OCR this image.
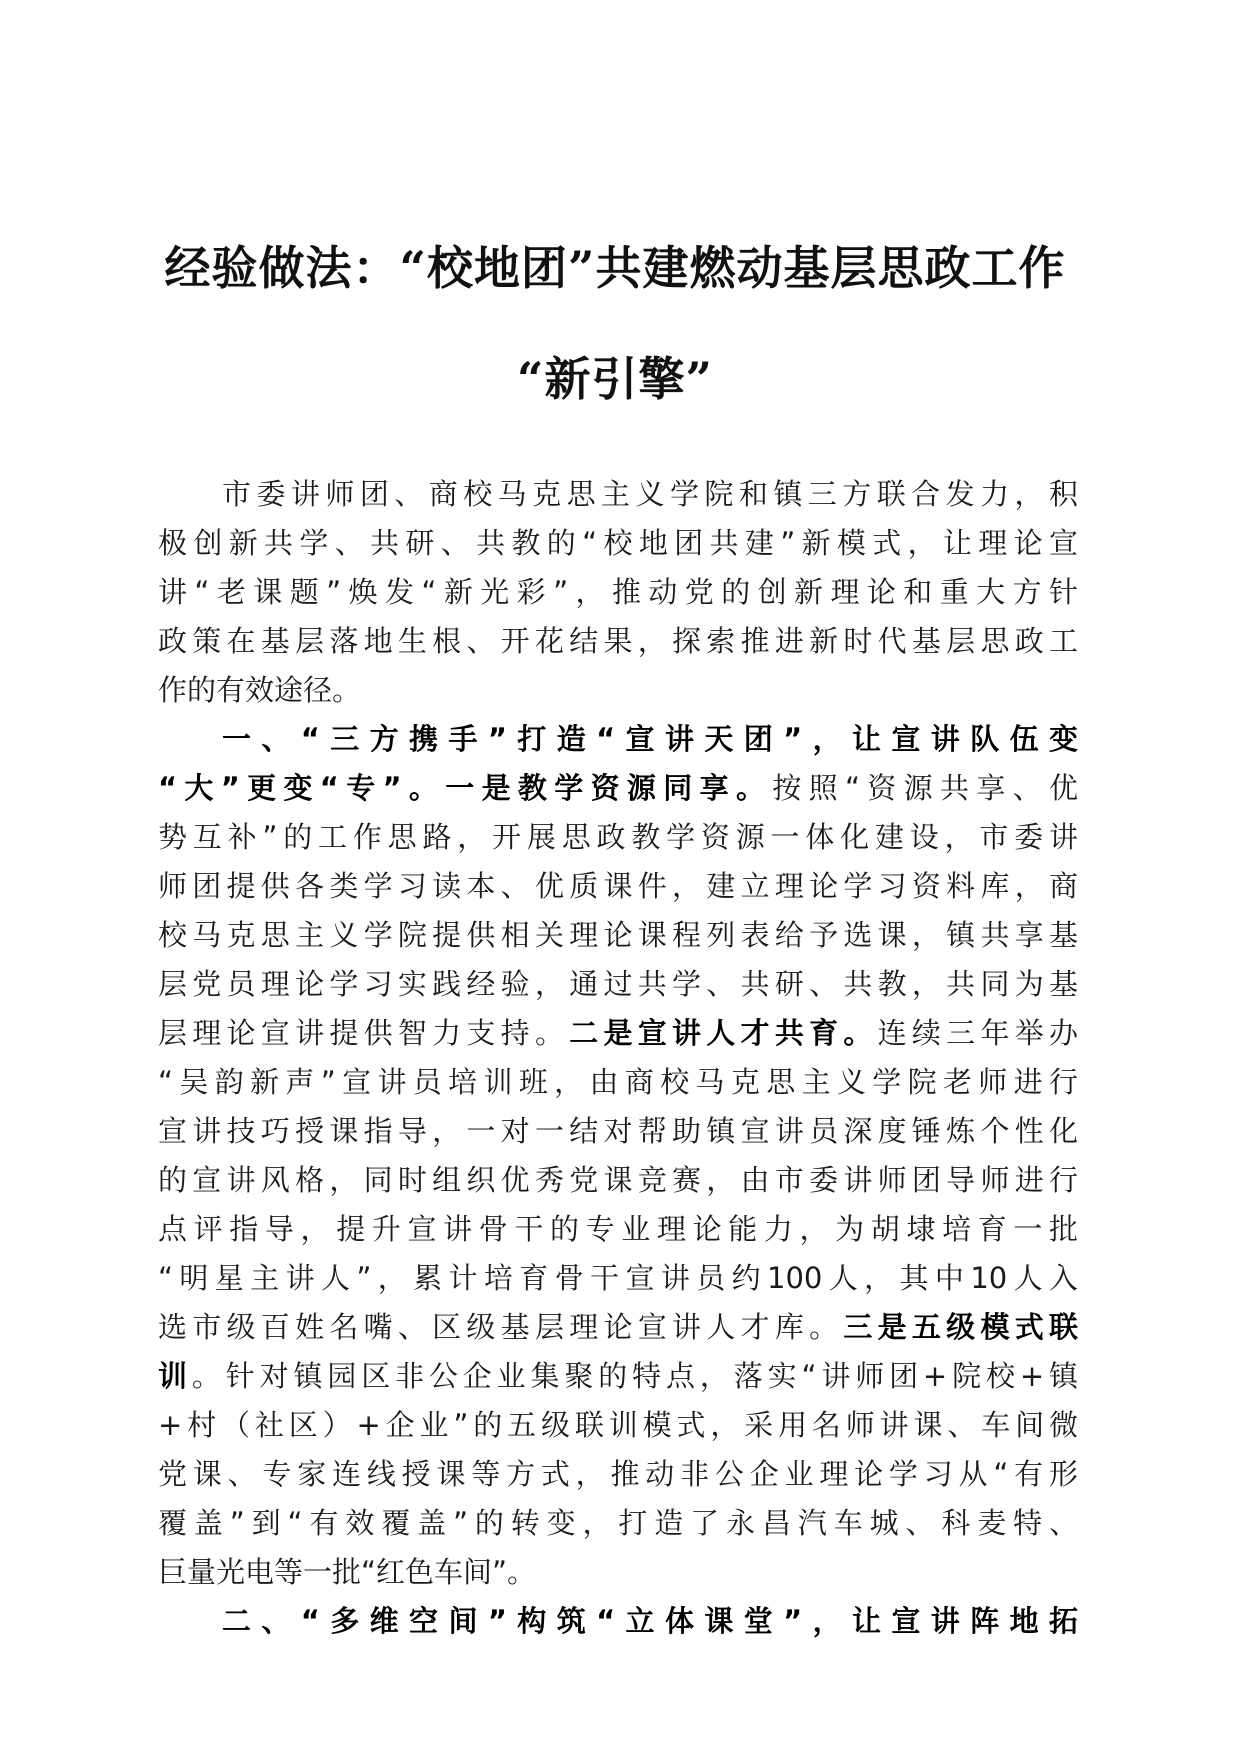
经验做法：“校地团”共建燃动基层思政工作
“新引擎”
市委讲师团、商校马克思主义学院和镇三方联合发力，积
极创新共学、共研、共教的“校地团共建”新模式，让理论宣
讲“老课题”焕发“新光彩”，推动党的创新理论和重大方针
政策在基层落地生根、开花结果，探索推进新时代基层思政工
作的有效途径。
一、“三方携手”打造“宣讲天团”，让宣讲队伍变
“大”更变“专”。一是教学资源同享。按照“资源共享、优
势互补”的工作思路，开展思政教学资源一体化建设，市委讲
师团提供各类学习读本、优质课件，建立理论学习资料库，商
校马克思主义学院提供相关理论课程列表给予选课，镇共享基
层党员理论学习实践经验，通过共学、共研、共教，共同为基
层理论宣讲提供智力支持。二是宣讲人才共育。连续三年举办
“吴韵新声”宣讲员培训班，由商校马克思主义学院老师进行
宣讲技巧授课指导，一对一结对帮助镇宣讲员深度锤炼个性化
的宣讲风格，同时组织优秀党课竞赛，由市委讲师团导师进行
点评指导，提升宣讲骨干的专业理论能力，为胡埭培育一批
“明星主讲人”，累计培育骨干宣讲员约100人，其中10人入
选市级百姓名嘴、区级基层理论宣讲人才库。三是五级模式联
训。针对镇园区非公企业集聚的特点，落实“讲师团+院校+镇
+村（社区）+企业”的五级联训模式，采用名师讲课、车间微
党课、专家连线授课等方式，推动非公企业理论学习从“有形
覆盖”到“有效覆盖”的转变，打造了永昌汽车城、科麦特、
巨量光电等一批“红色车间”。
二、“多维空间”构筑“立体课堂”，让宣讲阵地拓
